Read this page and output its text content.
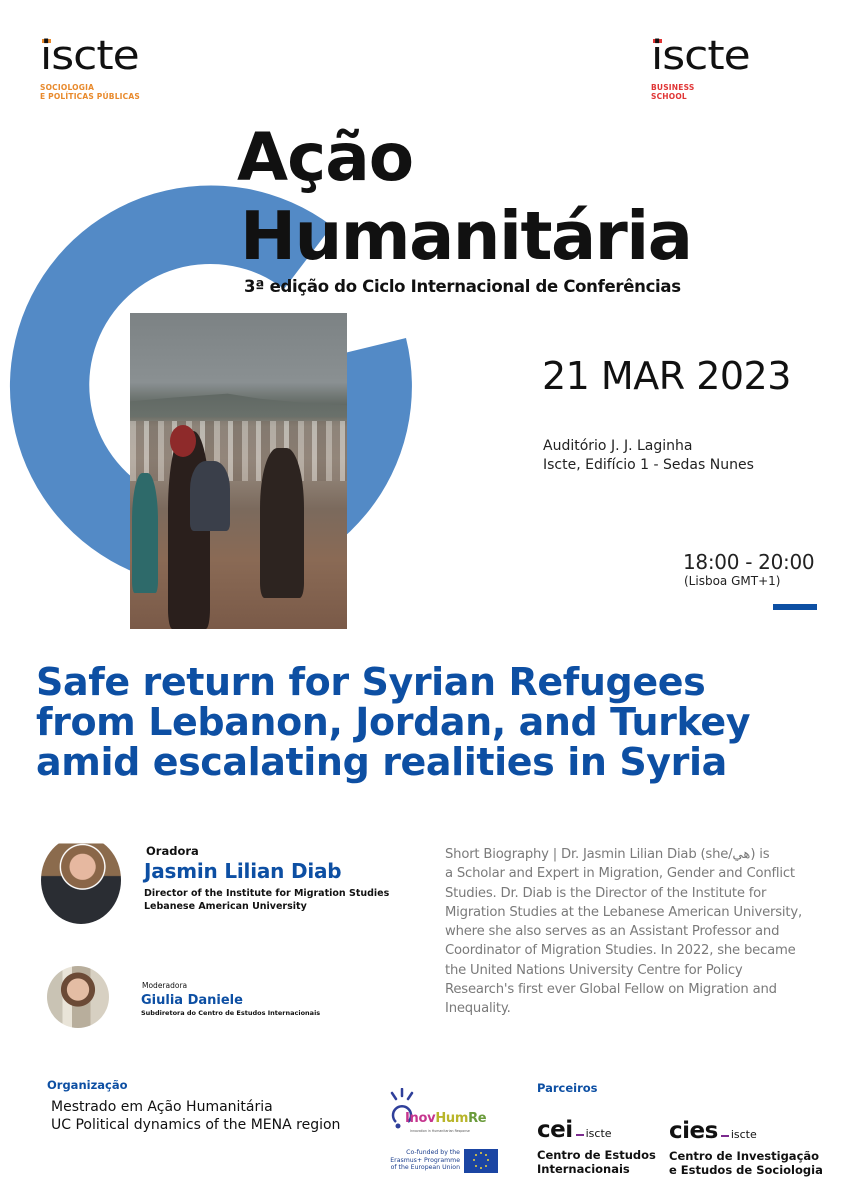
iscte
SOCIOLOGIA
E POLÍTICAS PÚBLICAS
iscte
BUSINESS
SCHOOL
Ação
Humanitária
3ª edição do Ciclo Internacional de Conferências
21 MAR 2023
Auditório J. J. Laginha
Iscte, Edifício 1 - Sedas Nunes
18:00 - 20:00
(Lisboa GMT+1)
Safe return for Syrian Refugees
from Lebanon, Jordan, and Turkey
amid escalating realities in Syria
Oradora
Jasmin Lilian Diab
Director of the Institute for Migration Studies
Lebanese American University
Moderadora
Giulia Daniele
Subdiretora do Centro de Estudos Internacionais
Short Biography | Dr. Jasmin Lilian Diab (she/هي) is
a Scholar and Expert in Migration, Gender and Conflict
Studies. Dr. Diab is the Director of the Institute for
Migration Studies at the Lebanese American University,
where she also serves as an Assistant Professor and
Coordinator of Migration Studies. In 2022, she became
the United Nations University Centre for Policy
Research's first ever Global Fellow on Migration and
Inequality.
Organização
Mestrado em Ação Humanitária
UC Political dynamics of the MENA region	InovHumRe
Innovation in Humanitarian Response
Co-funded by the
Erasmus+ Programme
of the European Union
Parceiros
cei iscte
Centro de Estudos
Internacionais
cies iscte
Centro de Investigação
e Estudos de Sociologia
